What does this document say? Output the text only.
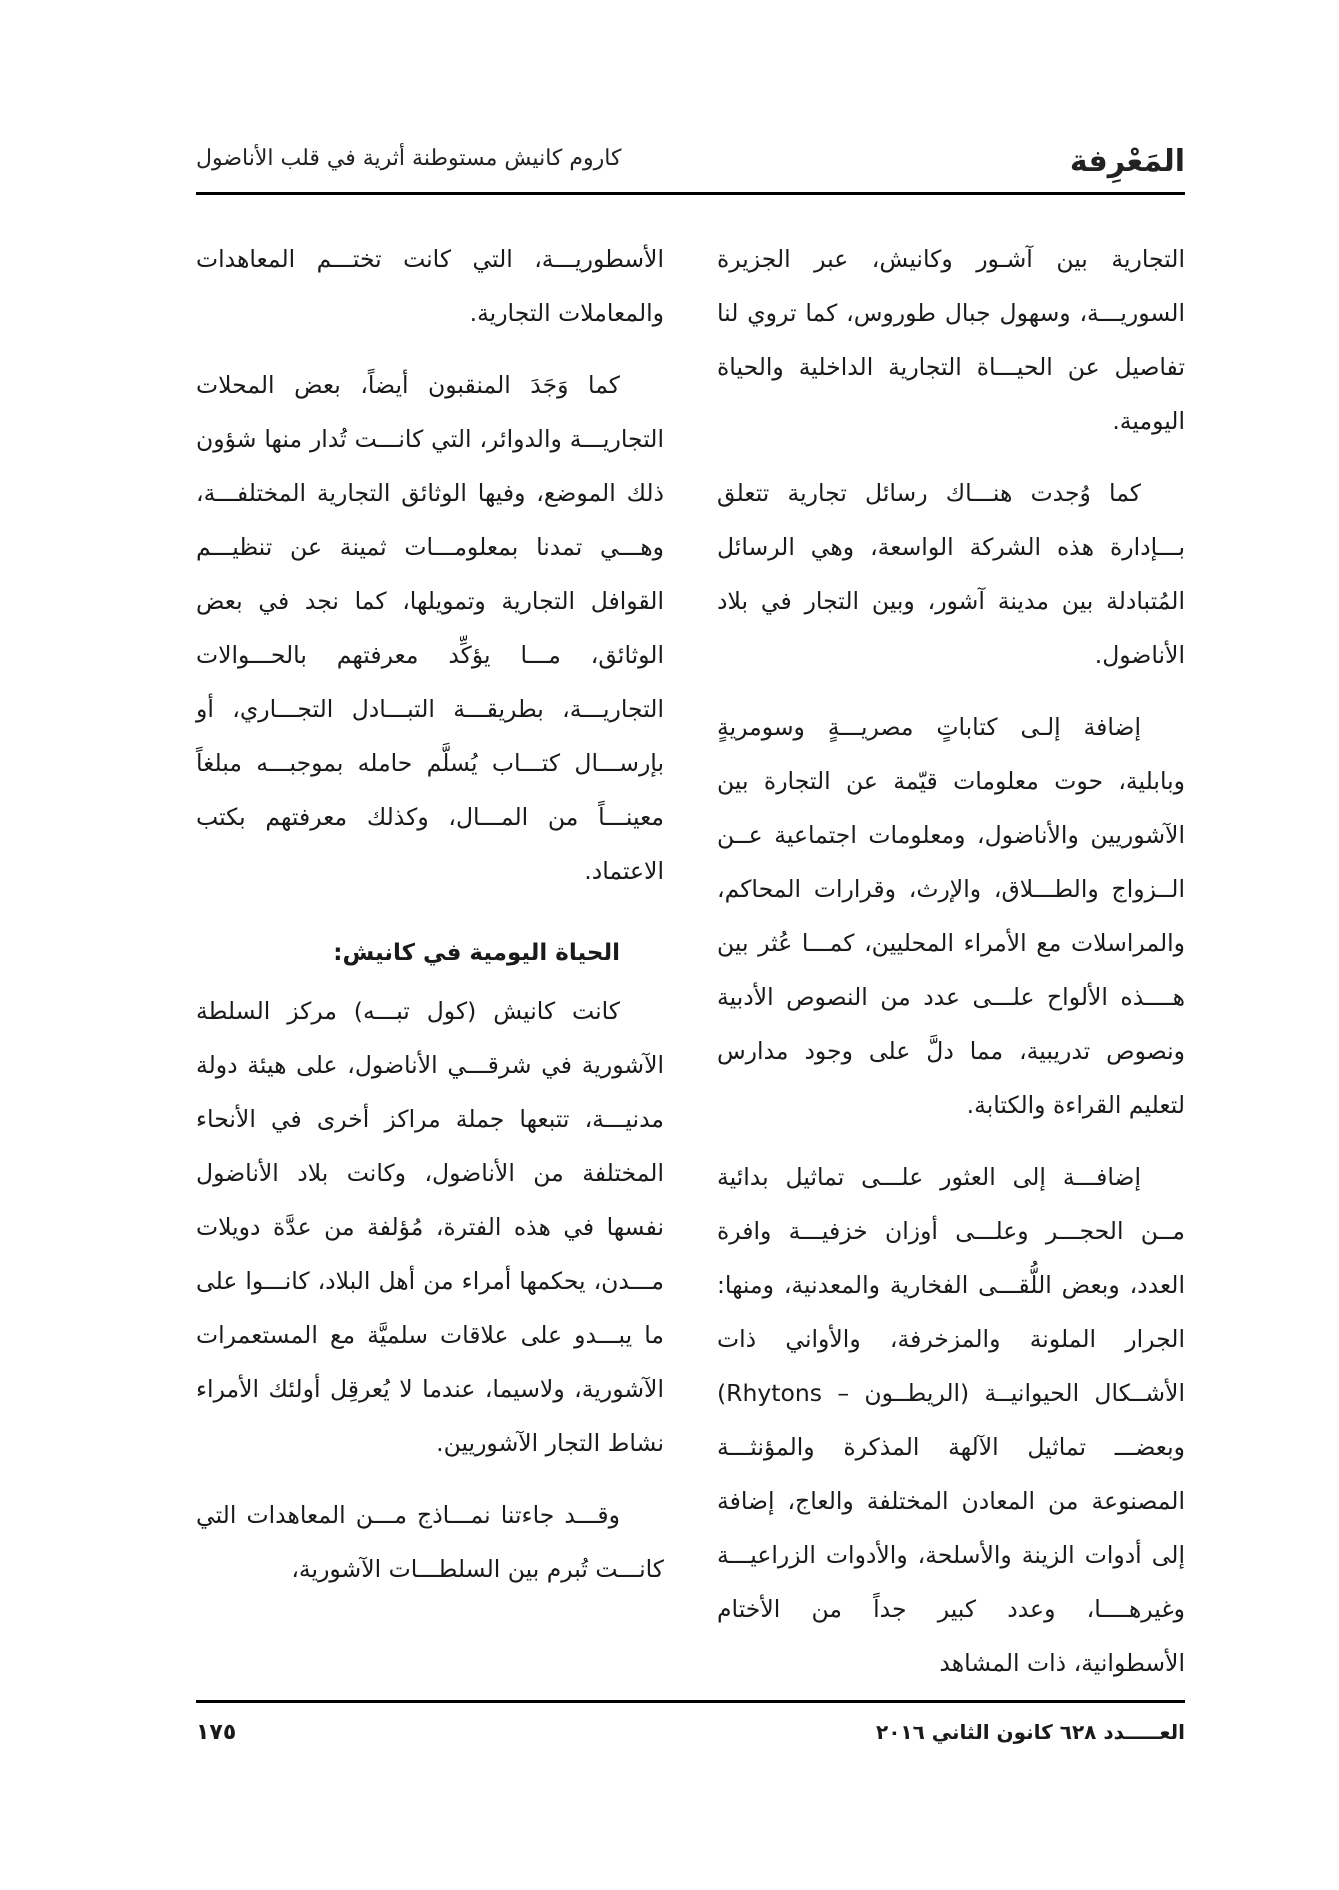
المَعْرِفة
كاروم كانيش مستوطنة أثرية في قلب الأناضول

التجارية بين آشـور وكانيش، عبر الجزيرة السوريـــة، وسهول جبال طوروس، كما تروي لنا تفاصيل عن الحيـــاة التجارية الداخلية والحياة اليومية.

كما وُجدت هنـــاك رسائل تجارية تتعلق بـــإدارة هذه الشركة الواسعة، وهي الرسائل المُتبادلة بين مدينة آشور، وبين التجار في بلاد الأناضول.

إضافة إلـى كتاباتٍ مصريـــةٍ وسومريةٍ وبابلية، حوت معلومات قيّمة عن التجارة بين الآشوريين والأناضول، ومعلومات اجتماعية عــن الــزواج والطـــلاق، والإرث، وقرارات المحاكم، والمراسلات مع الأمراء المحليين، كمـــا عُثر بين هــــذه الألواح علـــى عدد من النصوص الأدبية ونصوص تدريبية، مما دلَّ على وجود مدارس لتعليم القراءة والكتابة.

إضافـــة إلى العثور علـــى تماثيل بدائية مــن الحجـــر وعلـــى أوزان خزفيـــة وافرة العدد، وبعض اللُّقـــى الفخارية والمعدنية، ومنها: الجرار الملونة والمزخرفة، والأواني ذات الأشــكال الحيوانيــة (الريطــون – Rhytons) وبعضـــ تماثيل الآلهة المذكرة والمؤنثـــة المصنوعة من المعادن المختلفة والعاج، إضافة إلى أدوات الزينة والأسلحة، والأدوات الزراعيـــة وغيرهــــا، وعدد كبير جداً من الأختام الأسطوانية، ذات المشاهد

الأسطوريـــة، التي كانت تختـــم المعاهدات والمعاملات التجارية.

كما وَجَدَ المنقبون أيضاً، بعض المحلات التجاريـــة والدوائر، التي كانـــت تُدار منها شؤون ذلك الموضع، وفيها الوثائق التجارية المختلفـــة، وهـــي تمدنا بمعلومـــات ثمينة عن تنظيـــم القوافل التجارية وتمويلها، كما نجد في بعض الوثائق، مـــا يؤكِّد معرفتهم بالحـــوالات التجاريـــة، بطريقـــة التبـــادل التجـــاري، أو بإرســـال كتـــاب يُسلَّم حامله بموجبـــه مبلغاً معينـــاً من المـــال، وكذلك معرفتهم بكتب الاعتماد.

الحياة اليومية في كانيش:

كانت كانيش (كول تبـــه) مركز السلطة الآشورية في شرقـــي الأناضول، على هيئة دولة مدنيـــة، تتبعها جملة مراكز أخرى في الأنحاء المختلفة من الأناضول، وكانت بلاد الأناضول نفسها في هذه الفترة، مُؤلفة من عدَّة دويلات مـــدن، يحكمها أمراء من أهل البلاد، كانـــوا على ما يبـــدو على علاقات سلميَّة مع المستعمرات الآشورية، ولاسيما، عندما لا يُعرقِل أولئك الأمراء نشاط التجار الآشوريين.

وقـــد جاءتنا نمـــاذج مـــن المعاهدات التي كانـــت تُبرم بين السلطـــات الآشورية،

العـــــدد ٦٢٨ كانون الثاني ٢٠١٦
١٧٥
